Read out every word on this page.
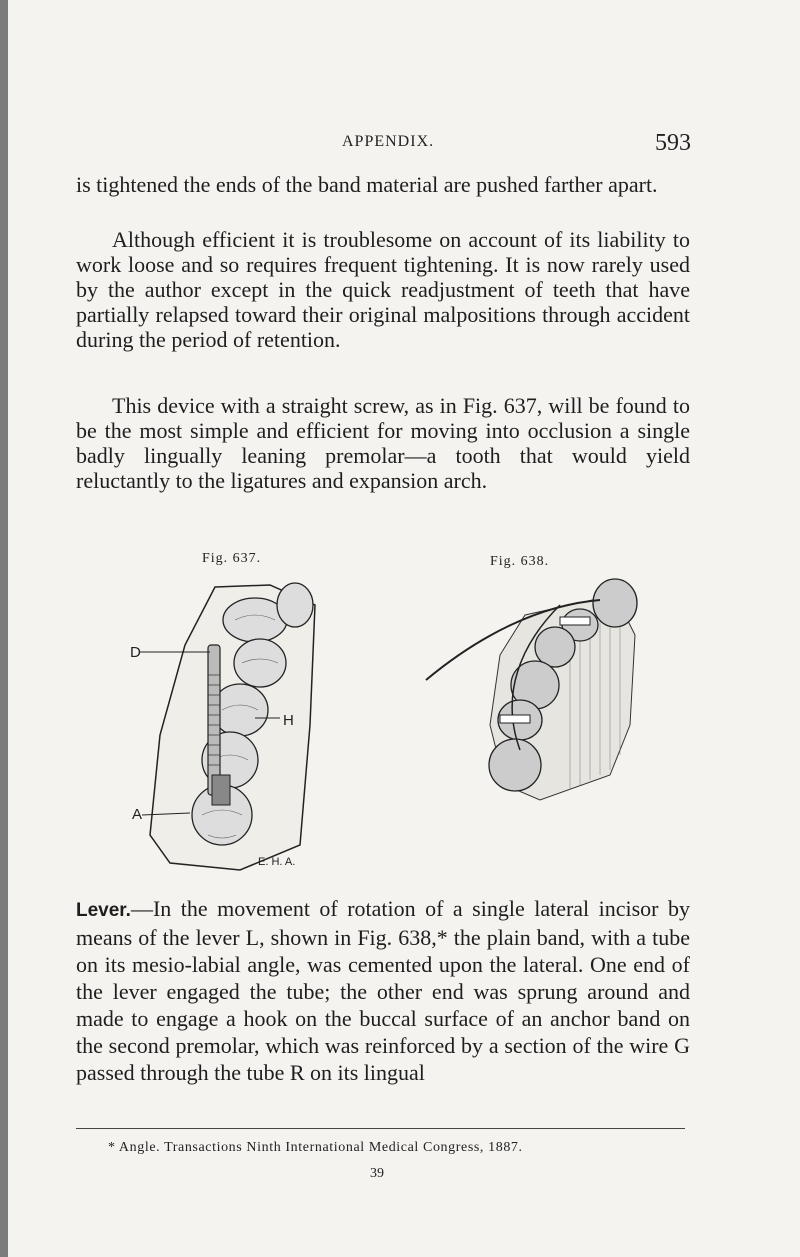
APPENDIX.	593

is tightened the ends of the band material are pushed farther apart.

Although efficient it is troublesome on account of its liability to work loose and so requires frequent tightening. It is now rarely used by the author except in the quick readjustment of teeth that have partially relapsed toward their original malpositions through accident during the period of retention.

This device with a straight screw, as in Fig. 637, will be found to be the most simple and efficient for moving into occlusion a single badly lingually leaning premolar—a tooth that would yield reluctantly to the ligatures and expansion arch.

Fig. 637.	Fig. 638.
D
H
A
E. H. A.

Lever.—In the movement of rotation of a single lateral incisor by means of the lever L, shown in Fig. 638,* the plain band, with a tube on its mesio-labial angle, was cemented upon the lateral. One end of the lever engaged the tube; the other end was sprung around and made to engage a hook on the buccal surface of an anchor band on the second premolar, which was reinforced by a section of the wire G passed through the tube R on its lingual

* Angle. Transactions Ninth International Medical Congress, 1887.
39
